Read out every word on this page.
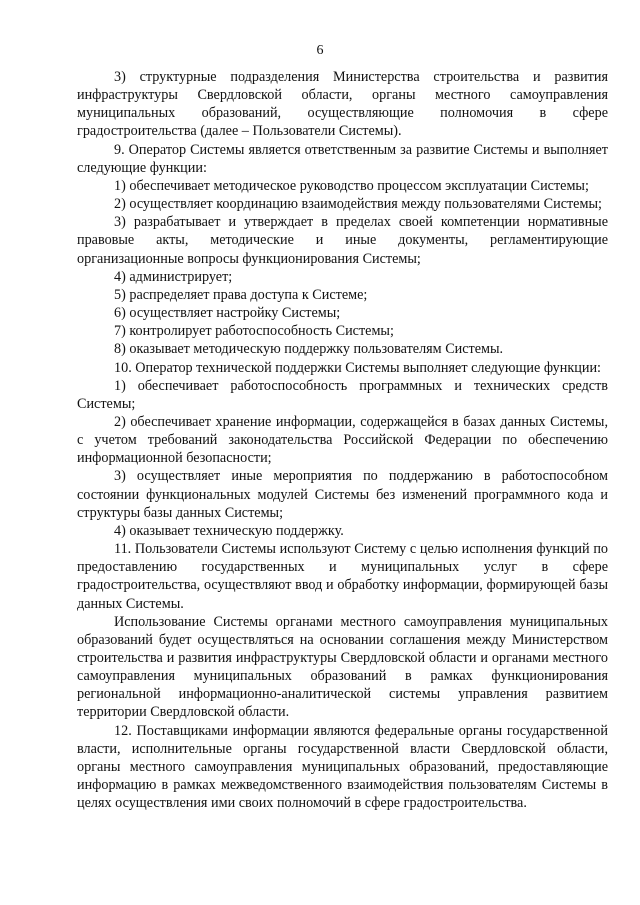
6

3) структурные подразделения Министерства строительства и развития инфраструктуры Свердловской области, органы местного самоуправления муниципальных образований, осуществляющие полномочия в сфере градостроительства (далее – Пользователи Системы).

9. Оператор Системы является ответственным за развитие Системы и выполняет следующие функции:

1) обеспечивает методическое руководство процессом эксплуатации Системы;

2) осуществляет координацию взаимодействия между пользователями Системы;

3) разрабатывает и утверждает в пределах своей компетенции нормативные правовые акты, методические и иные документы, регламентирующие организационные вопросы функционирования Системы;

4) администрирует;

5) распределяет права доступа к Системе;

6) осуществляет настройку Системы;

7) контролирует работоспособность Системы;

8) оказывает методическую поддержку пользователям Системы.

10. Оператор технической поддержки Системы выполняет следующие функции:

1) обеспечивает работоспособность программных и технических средств Системы;

2) обеспечивает хранение информации, содержащейся в базах данных Системы, с учетом требований законодательства Российской Федерации по обеспечению информационной безопасности;

3) осуществляет иные мероприятия по поддержанию в работоспособном состоянии функциональных модулей Системы без изменений программного кода и структуры базы данных Системы;

4) оказывает техническую поддержку.

11. Пользователи Системы используют Систему с целью исполнения функций по предоставлению государственных и муниципальных услуг в сфере градостроительства, осуществляют ввод и обработку информации, формирующей базы данных Системы.

Использование Системы органами местного самоуправления муниципальных образований будет осуществляться на основании соглашения между Министерством строительства и развития инфраструктуры Свердловской области и органами местного самоуправления муниципальных образований в рамках функционирования региональной информационно-аналитической системы управления развитием территории Свердловской области.

12. Поставщиками информации являются федеральные органы государственной власти, исполнительные органы государственной власти Свердловской области, органы местного самоуправления муниципальных образований, предоставляющие информацию в рамках межведомственного взаимодействия пользователям Системы в целях осуществления ими своих полномочий в сфере градостроительства.
